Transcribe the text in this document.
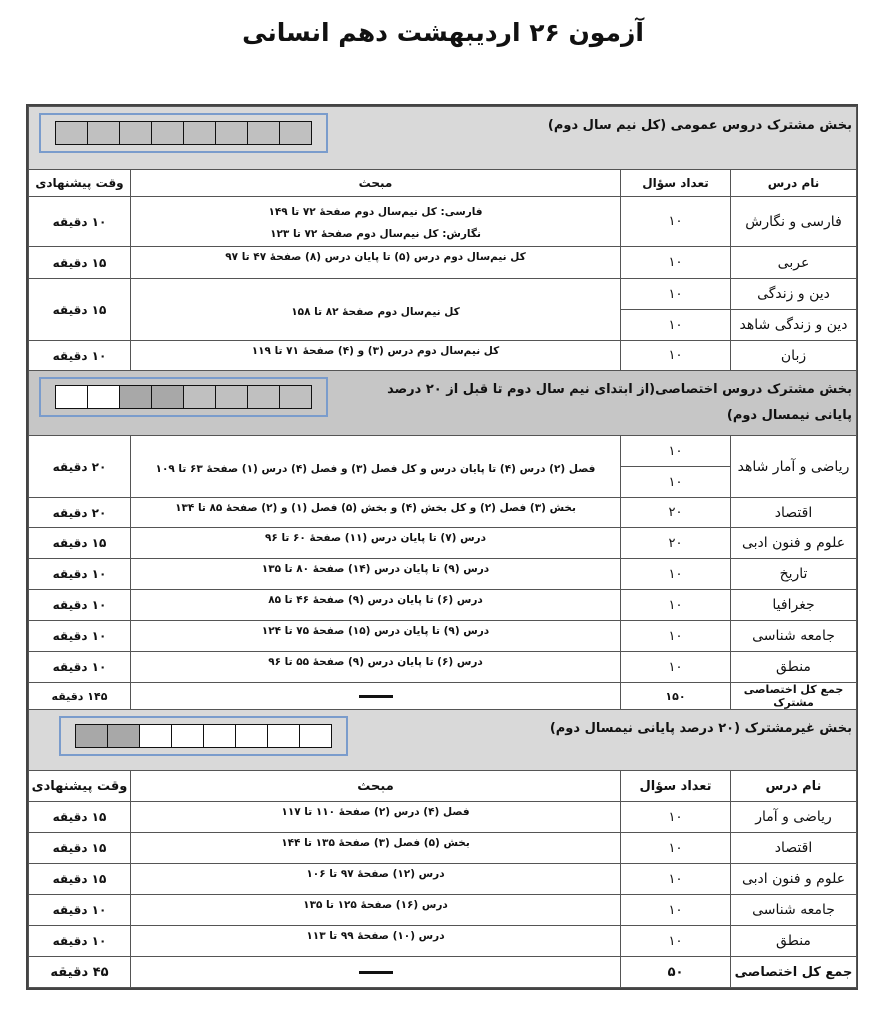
آزمون ۲۶ اردیبهشت دهم انسانی
بخش مشترک دروس عمومی (کل نیم سال دوم)			

نام درس	تعداد سؤال	مبحث	وقت پیشنهادی
فارسی و نگارش	۱۰	فارسی: کل نیم‌سال دوم صفحهٔ ۷۲ تا ۱۴۹
نگارش: کل نیم‌سال دوم صفحهٔ ۷۲ تا ۱۲۳	۱۰ دقیقه
عربی	۱۰	کل نیم‌سال دوم درس (۵) تا پایان درس (۸) صفحهٔ ۴۷ تا ۹۷	۱۵ دقیقه
دین و زندگی	۱۰	کل نیم‌سال دوم صفحهٔ ۸۲ تا ۱۵۸	۱۵ دقیقه
دین و زندگی شاهد	۱۰		
زبان	۱۰	کل نیم‌سال دوم درس (۳) و (۴) صفحهٔ ۷۱ تا ۱۱۹	۱۰ دقیقه
بخش مشترک دروس اختصاصی(از ابتدای نیم سال دوم تا قبل از ۲۰ درصد پایانی نیمسال دوم)			

ریاضی و آمار شاهد	۱۰	فصل (۲) درس (۴) تا پایان درس و کل فصل (۳) و فصل (۴) درس (۱) صفحهٔ ۶۳ تا ۱۰۹	۲۰ دقیقه
	۱۰		
اقتصاد	۲۰	بخش (۳) فصل (۲) و کل بخش (۴) و بخش (۵) فصل (۱) و (۲) صفحهٔ ۸۵ تا ۱۳۴	۲۰ دقیقه
علوم و فنون ادبی	۲۰	درس (۷) تا پایان درس (۱۱) صفحهٔ ۶۰ تا ۹۶	۱۵ دقیقه
تاریخ	۱۰	درس (۹) تا پایان درس (۱۴) صفحهٔ ۸۰ تا ۱۳۵	۱۰ دقیقه
جغرافیا	۱۰	درس (۶) تا پایان درس (۹) صفحهٔ ۴۶ تا ۸۵	۱۰ دقیقه
جامعه شناسی	۱۰	درس (۹) تا پایان درس (۱۵) صفحهٔ ۷۵ تا ۱۲۴	۱۰ دقیقه
منطق	۱۰	درس (۶) تا پایان درس (۹) صفحهٔ ۵۵ تا ۹۶	۱۰ دقیقه
جمع کل اختصاصی مشترک	۱۵۰		۱۴۵ دقیقه
بخش غیرمشترک (۲۰ درصد پایانی نیمسال دوم)			

نام درس	تعداد سؤال	مبحث	وقت پیشنهادی
ریاضی و آمار	۱۰	فصل (۴) درس (۲) صفحهٔ ۱۱۰ تا ۱۱۷	۱۵ دقیقه
اقتصاد	۱۰	بخش (۵) فصل (۳) صفحهٔ ۱۳۵ تا ۱۴۴	۱۵ دقیقه
علوم و فنون ادبی	۱۰	درس (۱۲) صفحهٔ ۹۷ تا ۱۰۶	۱۵ دقیقه
جامعه شناسی	۱۰	درس (۱۶) صفحهٔ ۱۲۵ تا ۱۳۵	۱۰ دقیقه
منطق	۱۰	درس (۱۰) صفحهٔ ۹۹ تا ۱۱۳	۱۰ دقیقه
جمع کل اختصاصی	۵۰		۴۵ دقیقه
